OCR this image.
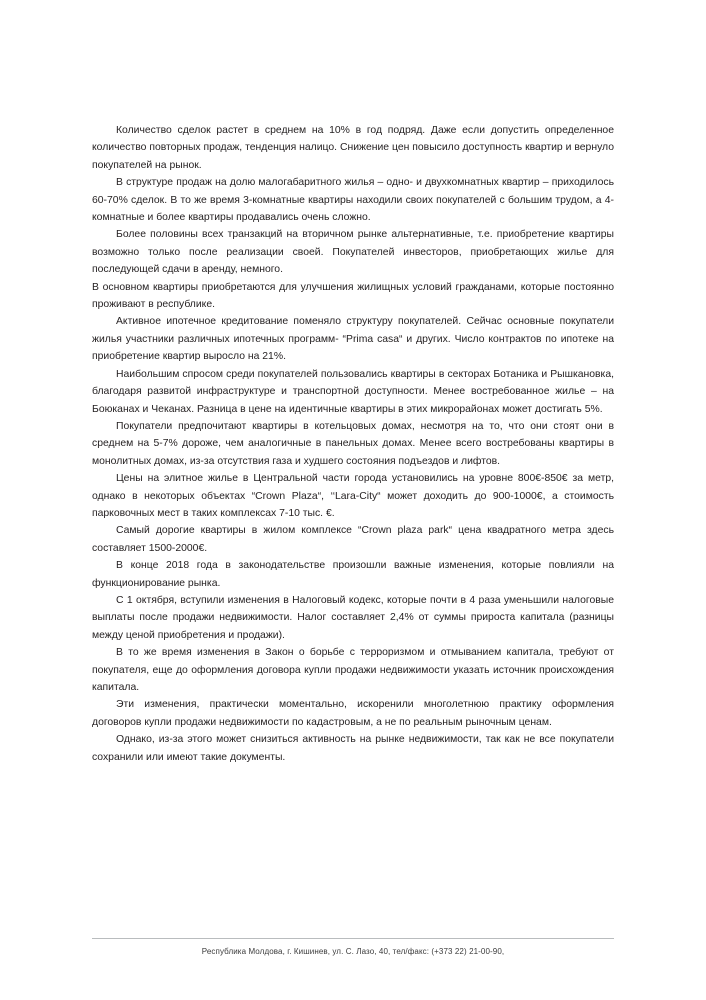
Количество сделок растет в среднем на 10% в год подряд. Даже если допустить определенное количество повторных продаж, тенденция налицо. Снижение цен повысило доступность квартир и вернуло покупателей на рынок.

В структуре продаж на долю малогабаритного жилья – одно- и двухкомнатных квартир – приходилось 60-70% сделок. В то же время 3-комнатные квартиры находили своих покупателей с большим трудом, а 4-комнатные и более квартиры продавались очень сложно.

Более половины всех транзакций на вторичном рынке альтернативные, т.е. приобретение квартиры возможно только после реализации своей. Покупателей инвесторов, приобретающих жилье для последующей сдачи в аренду, немного.

В основном квартиры приобретаются для улучшения жилищных условий гражданами, которые постоянно проживают в республике.

Активное ипотечное кредитование поменяло структуру покупателей. Сейчас основные покупатели жилья участники различных ипотечных программ- “Prima casa“ и других. Число контрактов по ипотеке на приобретение квартир выросло на 21%.

Наибольшим спросом среди покупателей пользовались квартиры в секторах Ботаника и Рышкановка, благодаря развитой инфраструктуре и транспортной доступности. Менее востребованное жилье – на Боюканах и Чеканах. Разница в цене на идентичные квартиры в этих микрорайонах может достигать 5%.

Покупатели предпочитают квартиры в котельцовых домах, несмотря на то, что они стоят они в среднем на 5-7% дороже, чем аналогичные в панельных домах. Менее всего востребованы квартиры в монолитных домах, из-за отсутствия газа и худшего состояния подъездов и лифтов.

Цены на элитное жилье в Центральной части города установились на уровне 800€-850€ за метр, однако в некоторых объектах “Crown Plaza“, ‘‘Lara-City“ может доходить до 900-1000€, а стоимость парковочных мест в таких комплексах 7-10 тыс. €.

Самый дорогие квартиры в жилом комплексе “Crown plaza park“ цена квадратного метра здесь составляет 1500-2000€.

В конце 2018 года в законодательстве произошли важные изменения, которые повлияли на функционирование рынка.

С 1 октября, вступили изменения в Налоговый кодекс, которые почти в 4 раза уменьшили налоговые выплаты после продажи недвижимости. Налог составляет 2,4% от суммы прироста капитала (разницы между ценой приобретения и продажи).

В то же время изменения в Закон о борьбе с терроризмом и отмыванием капитала, требуют от покупателя, еще до оформления договора купли продажи недвижимости указать источник происхождения капитала.

Эти изменения, практически моментально, искоренили многолетнюю практику оформления договоров купли продажи недвижимости по кадастровым, а не по реальным рыночным ценам.

Однако, из-за этого может снизиться активность на рынке недвижимости, так как не все покупатели сохранили или имеют такие документы.

Республика Молдова, г. Кишинев, ул. С. Лазо, 40, тел/факс: (+373 22) 21-00-90,
